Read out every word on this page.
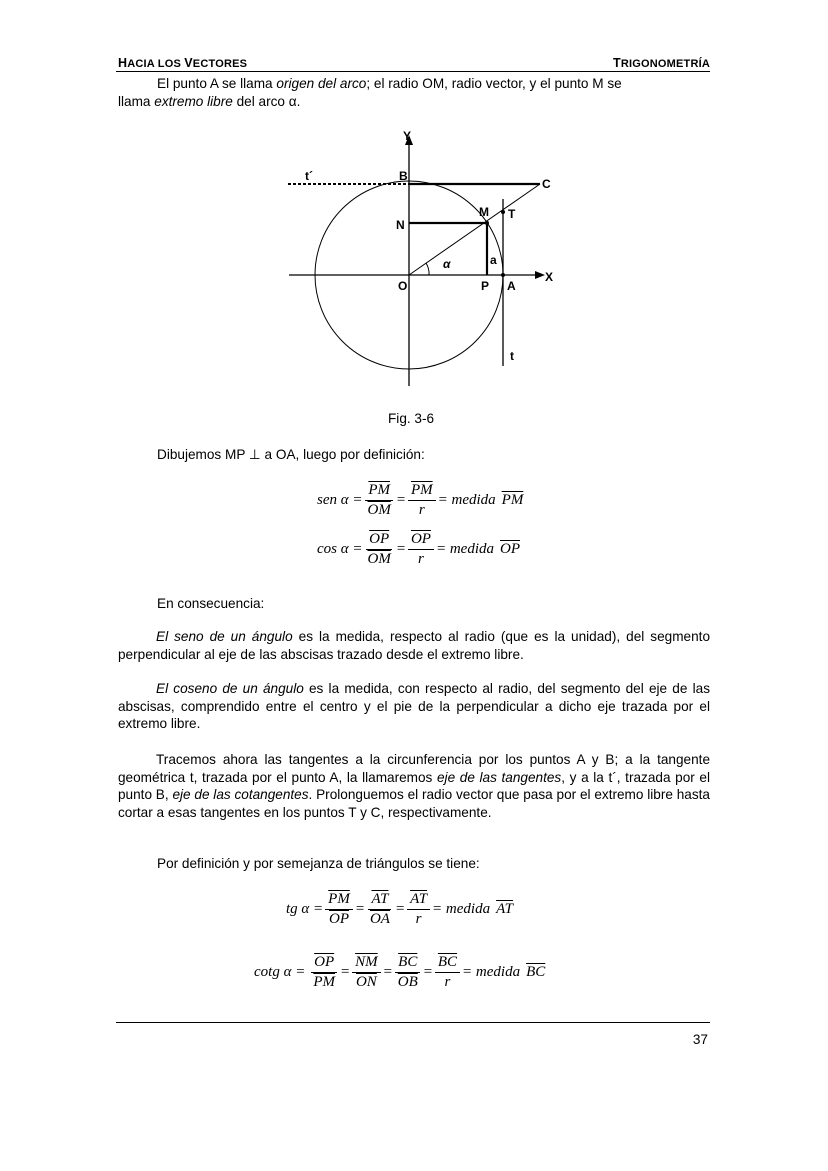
HACIA LOS VECTORES	TRIGONOMETRÍA
El punto A se llama origen del arco; el radio OM, radio vector, y el punto M se
llama extremo libre del arco α.
Y
X
t´	B
C
N
M T
α	a
O	P A
t
Fig. 3-6
Dibujemos MP ⊥ a OA, luego por definición:
sen $\alpha = \frac{\overline{PM}}{OM} = \frac{\overline{PM}}{r}$ = medida $\overline{PM}$
$\cos \alpha = \frac{\overline{OP}}{OM} = \frac{\overline{OP}}{r}$ = medida $\overline{OP}$
En consecuencia:
El seno de un ángulo es la medida, respecto al radio (que es la unidad), del segmento perpendicular al eje de las abscisas trazado desde el extremo libre.
El coseno de un ángulo es la medida, con respecto al radio, del segmento del eje de las abscisas, comprendido entre el centro y el pie de la perpendicular a dicho eje trazada por el extremo libre.
Tracemos ahora las tangentes a la circunferencia por los puntos A y B; a la tangente geométrica t, trazada por el punto A, la llamaremos eje de las tangentes, y a la t´, trazada por el punto B, eje de las cotangentes. Prolonguemos el radio vector que pasa por el extremo libre hasta cortar a esas tangentes en los puntos T y C, respectivamente.
Por definición y por semejanza de triángulos se tiene:
tg $\alpha = \frac{\overline{PM}}{OP} = \frac{\overline{AT}}{OA} = \frac{\overline{AT}}{r}$ = medida $\overline{AT}$
cotg $\alpha = \frac{\overline{OP}}{PM} = \frac{\overline{NM}}{ON} = \frac{\overline{BC}}{OB} = \frac{\overline{BC}}{r}$ = medida $\overline{BC}$
37
